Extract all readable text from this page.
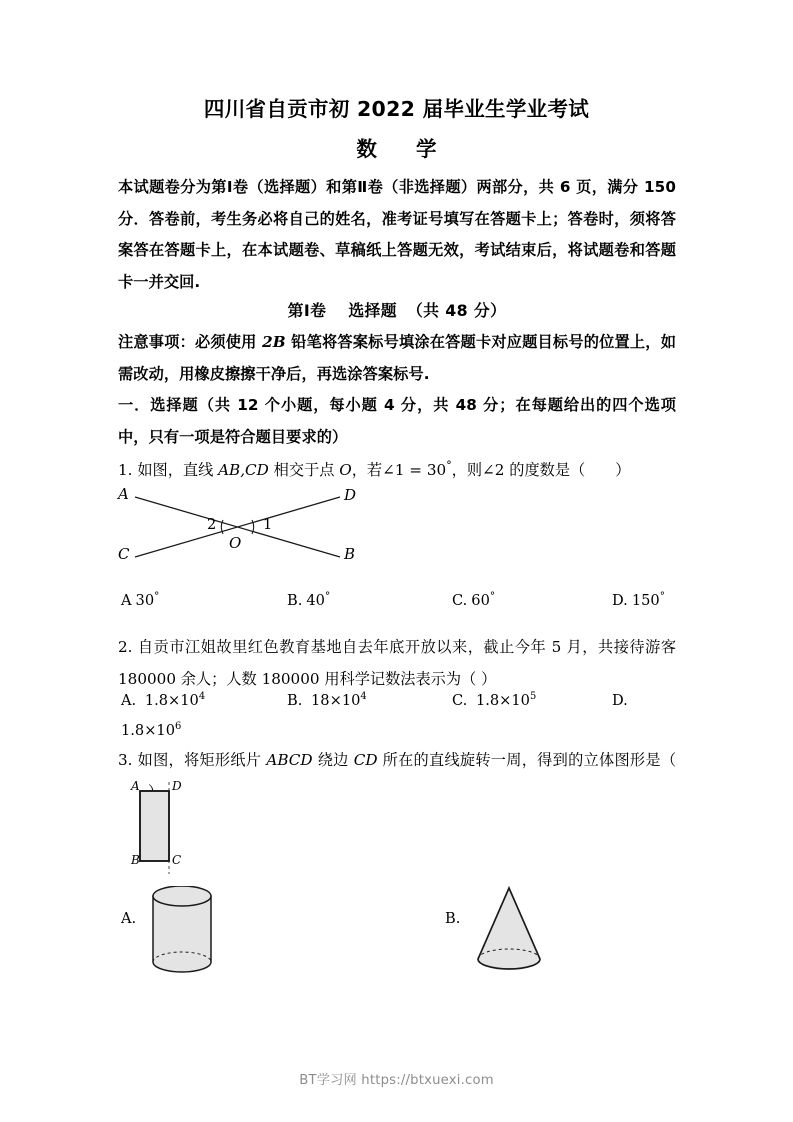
四川省自贡市初 2022 届毕业生学业考试
数 学
本试题卷分为第Ⅰ卷（选择题）和第Ⅱ卷（非选择题）两部分，共 6 页，满分 150 分．答卷前，考生务必将自己的姓名，准考证号填写在答题卡上；答卷时，须将答案答在答题卡上，在本试题卷、草稿纸上答题无效，考试结束后，将试题卷和答题卡一并交回.
第Ⅰ卷 选择题 （共 48 分）
注意事项：必须使用 2B 铅笔将答案标号填涂在答题卡对应题目标号的位置上，如需改动，用橡皮擦擦干净后，再选涂答案标号.
一．选择题（共 12 个小题，每小题 4 分，共 48 分；在每题给出的四个选项中，只有一项是符合题目要求的）
1. 如图，直线 AB,CD 相交于点 O，若∠1 = 30°，则∠2 的度数是（ ）
A	D
C	B
O
2	1
A 30°	B. 40°	C. 60°	D. 150°
2. 自贡市江姐故里红色教育基地自去年底开放以来，截止今年 5 月，共接待游客 180000 余人；人数 180000 用科学记数法表示为（ ）
A. $1.8\times 10^4$	B. $18\times 10^4$	C. $1.8\times 10^5$	D.
$1.8\times 10^6$
3. 如图，将矩形纸片 ABCD 绕边 CD 所在的直线旋转一周，得到的立体图形是（
A	D
B	C
A.	B.
BT学习网 https://btxuexi.com
